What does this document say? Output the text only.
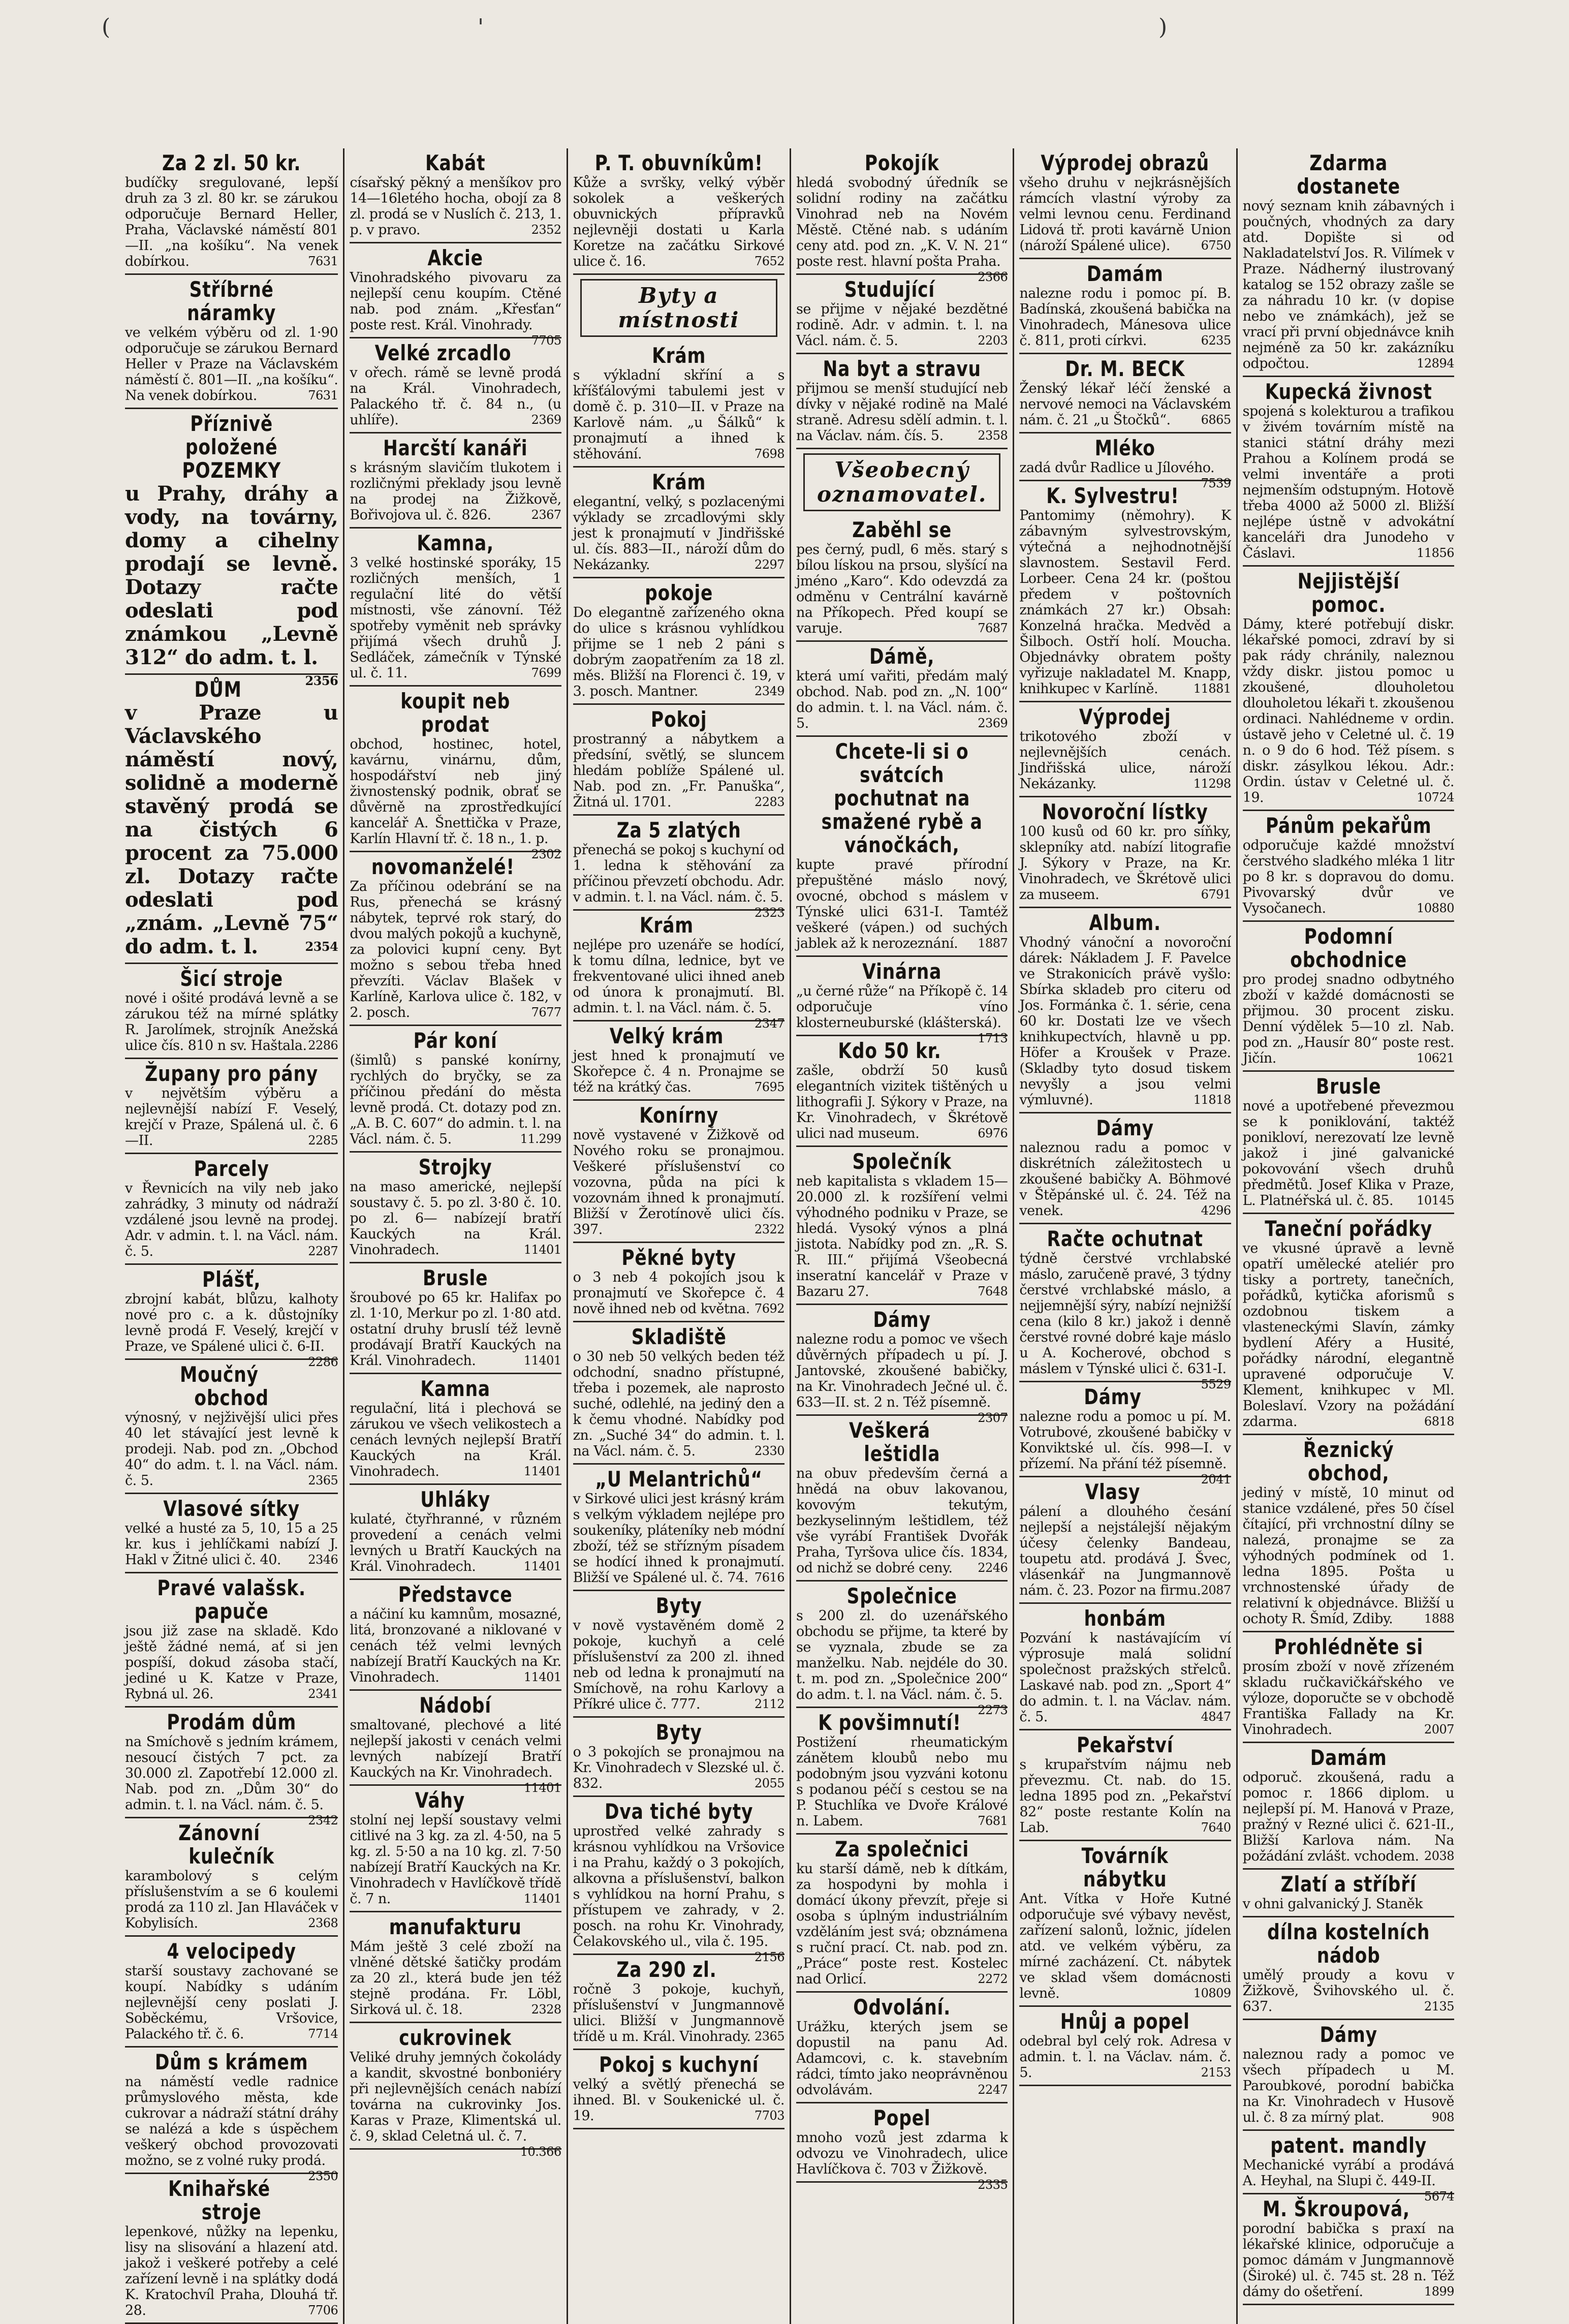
(	'	)
Za 2 zl. 50 kr.

budíčky sregulované, lepší druh za 3 zl. 80 kr. se zárukou odporučuje Bernard Heller, Praha, Václavské náměstí 801—II. „na košíku“. Na venek dobírkou.	7631

Stříbrné náramky

ve velkém výběru od zl. 1·90 odporučuje se zárukou Bernard Heller v Praze na Václavském náměstí č. 801—II. „na košíku“. Na venek dobírkou.	7631

Příznivě položené POZEMKY

u Prahy, dráhy a vody, na továrny, domy a cihelny prodají se levně. Dotazy račte odeslati pod známkou „Levně 312“ do adm. t. l.
2356

DŮM

v Praze u Václavského náměstí nový, solidně a moderně stavěný prodá se na čistých 6 procent za 75.000 zl. Dotazy račte odeslati pod „znám. „Levně 75“ do adm. t. l.	2354

Šicí stroje

nové i ošité prodává levně a se zárukou též na mírné splátky R. Jarolímek, strojník Anežská ulice čís. 810 n sv. Haštala. 2286

Župany pro pány

v největším výběru a nejlevnější nabízí F. Veselý, krejčí v Praze, Spálená ul. č. 6—II.	2285

Parcely

v Řevnicích na vily neb jako zahrádky, 3 minuty od nádraží vzdálené jsou levně na prodej. Adr. v admin. t. l. na Václ. nám. č. 5.	2287

Plášť,

zbrojní kabát, blůzu, kalhoty nové pro c. a k. důstojníky levně prodá F. Veselý, krejčí v Praze, ve Spálené ulici č. 6-II.
2286

Moučný obchod

výnosný, v nejživější ulici přes 40 let stávající jest levně k prodeji. Nab. pod zn. „Obchod 40“ do adm. t. l. na Václ. nám. č. 5.	2365

Vlasové sítky

velké a husté za 5, 10, 15 a 25 kr. kus i jehlíčkami nabízí J. Hakl v Žitné ulici č. 40. 2346

Pravé valašsk. papuče

jsou již zase na skladě. Kdo ještě žádné nemá, ať si jen pospíší, dokud zásoba stačí, jediné u K. Katze v Praze, Rybná ul. 26.	2341

Prodám dům

na Smíchově s jedním krámem, nesoucí čistých 7 pct. za 30.000 zl. Zapotřebí 12.000 zl. Nab. pod zn. „Dům 30“ do admin. t. l. na Václ. nám. č. 5.
2342

Zánovní kulečník

karambolový s celým příslušenstvím a se 6 koulemi prodá za 110 zl. Jan Hlaváček v Kobylisích.	2368

4 velocipedy

starší soustavy zachované se koupí. Nabídky s udáním nejlevnější ceny poslati J. Soběckému, Vršovice, Palackého tř. č. 6.	7714

Dům s krámem

na náměstí vedle radnice průmyslového města, kde cukrovar a nádraží státní dráhy se nalézá a kde s úspěchem veškerý obchod provozovati možno, se z volné ruky prodá.
2350

Knihařské stroje

lepenkové, nůžky na lepenku, lisy na slisování a hlazení atd. jakož i veškeré potřeby a celé zařízení levně i na splátky dodá K. Kratochvíl Praha, Dlouhá tř. 28.	7706

Kabát

císařský pěkný a menšíkov pro 14—16letého hocha, obojí za 8 zl. prodá se v Nuslích č. 213, 1. p. v pravo.	2352

Akcie

Vinohradského pivovaru za nejlepší cenu koupím. Ctěné nab. pod znám. „Křesťan“ poste rest. Král. Vinohrady.
7705

Velké zrcadlo

v ořech. rámě se levně prodá na Král. Vinohradech, Palackého tř. č. 84 n., (u uhlíře).	2369

Harcští kanáři

s krásným slavičím tlukotem i rozličnými překlady jsou levně na prodej na Žižkově, Bořivojova ul. č. 826.	2367

Kamna,

3 velké hostinské sporáky, 15 rozličných menších, 1 regulační lité do větší místnosti, vše zánovní. Též spotřeby vyměnit neb správky přijímá všech druhů J. Sedláček, zámečník v Týnské ul. č. 11.	7699

koupit neb prodat

obchod, hostinec, hotel, kavárnu, vinárnu, dům, hospodářství neb jiný živnostenský podnik, obrať se důvěrně na zprostředkující kancelář A. Šnettička v Praze, Karlín Hlavní tř. č. 18 n., 1. p.
2302

novomanželé!

Za příčinou odebrání se na Rus, přenechá se krásný nábytek, teprvé rok starý, do dvou malých pokojů a kuchyně, za polovici kupní ceny. Byt možno s sebou třeba hned převzíti. Václav Blašek v Karlíně, Karlova ulice č. 182, v 2. posch.	7677

Pár koní

(šimlů) s panské konírny, rychlých do bryčky, se za příčinou předání do města levně prodá. Ct. dotazy pod zn. „A. B. C. 607“ do admin. t. l. na Václ. nám. č. 5.	11.299

Strojky

na maso americké, nejlepší soustavy č. 5. po zl. 3·80 č. 10. po zl. 6— nabízejí bratří Kauckých na Král. Vinohradech.	11401

Brusle

šroubové po 65 kr. Halifax po zl. 1·10, Merkur po zl. 1·80 atd. ostatní druhy bruslí též levně prodávají Bratří Kauckých na Král. Vinohradech.	11401

Kamna

regulační, litá i plechová se zárukou ve všech velikostech a cenách levných nejlepší Bratří Kauckých na Král. Vinohradech.	11401

Uhláky

kulaté, čtyřhranné, v různém provedení a cenách velmi levných u Bratří Kauckých na Král. Vinohradech.	11401

Představce

a náčiní ku kamnům, mosazné, litá, bronzované a niklované v cenách též velmi levných nabízejí Bratří Kauckých na Kr. Vinohradech.	11401

Nádobí

smaltované, plechové a lité nejlepší jakosti v cenách velmi levných nabízejí Bratří Kauckých na Kr. Vinohradech.
11401

Váhy

stolní nej lepší soustavy velmi citlivé na 3 kg. za zl. 4·50, na 5 kg. zl. 5·50 a na 10 kg. zl. 7·50 nabízejí Bratří Kauckých na Kr. Vinohradech v Havlíčkově třídě č. 7 n.	11401

manufakturu

Mám ještě 3 celé zboží na vlněné dětské šatičky prodám za 20 zl., která bude jen též stejně prodána. Fr. Löbl, Sirková ul. č. 18.	2328

cukrovinek

Veliké druhy jemných čokolády a kandit, skvostné bonboniéry při nejlevnějších cenách nabízí továrna na cukrovinky Jos. Karas v Praze, Klimentská ul. č. 9, sklad Celetná ul. č. 7.
10.366

P. T. obuvníkům!

Kůže a svršky, velký výběr sokolek a veškerých obuvnických přípravků nejlevněji dostati u Karla Koretze na začátku Sirkové ulice č. 16.	7652

Byty a místnosti
Krám

s výkladní skříní a s kříšťálovými tabulemi jest v domě č. p. 310—II. v Praze na Karlově nám. „u Šálků“ k pronajmutí a ihned k stěhování.	7698

Krám

elegantní, velký, s pozlacenými výklady se zrcadlovými skly jest k pronajmutí v Jindřišské ul. čís. 883—II., nároží dům do Nekázanky.	2297

pokoje

Do elegantně zařízeného okna do ulice s krásnou vyhlídkou přijme se 1 neb 2 páni s dobrým zaopatřením za 18 zl. měs. Bližší na Florenci č. 19, v 3. posch. Mantner.	2349

Pokoj

prostranný a nábytkem a předsíní, světlý, se sluncem hledám poblíže Spálené ul. Nab. pod zn. „Fr. Panuška“, Žitná ul. 1701.	2283

Za 5 zlatých

přenechá se pokoj s kuchyní od 1. ledna k stěhování za příčinou převzetí obchodu. Adr. v admin. t. l. na Václ. nám. č. 5.
2323

Krám

nejlépe pro uzenáře se hodící, k tomu dílna, lednice, byt ve frekventované ulici ihned aneb od února k pronajmutí. Bl. admin. t. l. na Václ. nám. č. 5.
2347

Velký krám

jest hned k pronajmutí ve Skořepce č. 4 n. Pronajme se též na krátký čas.	7695

Konírny

nově vystavené v Žižkově od Nového roku se pronajmou. Veškeré příslušenství co vozovna, půda na píci k vozovnám ihned k pronajmutí. Bližší v Žerotínově ulici čís. 397.	2322

Pěkné byty

o 3 neb 4 pokojích jsou k pronajmutí ve Skořepce č. 4 nově ihned neb od května. 7692

Skladiště

o 30 neb 50 velkých beden též odchodní, snadno přístupné, třeba i pozemek, ale naprosto suché, odlehlé, na jediný den a k čemu vhodné. Nabídky pod zn. „Suché 34“ do admin. t. l. na Václ. nám. č. 5.	2330

„U Melantrichů“

v Sirkové ulici jest krásný krám s velkým výkladem nejlépe pro soukeníky, pláteníky neb módní zboží, též se střízným písadem se hodící ihned k pronajmutí. Bližší ve Spálené ul. č. 74. 7616

Byty

v nově vystavěném domě 2 pokoje, kuchyň a celé příslušenství za 200 zl. ihned neb od ledna k pronajmutí na Smíchově, na rohu Karlovy a Příkré ulice č. 777.	2112

Byty

o 3 pokojích se pronajmou na Kr. Vinohradech v Slezské ul. č. 832.	2055

Dva tiché byty

uprostřed velké zahrady s krásnou vyhlídkou na Vršovice i na Prahu, každý o 3 pokojích, alkovna a příslušenství, balkon s vyhlídkou na horní Prahu, s přístupem ve zahrady, v 2. posch. na rohu Kr. Vinohrady, Čelakovského ul., vila č. 195.
2156

Za 290 zl.

ročně 3 pokoje, kuchyň, příslušenství v Jungmannově ulici. Bližší v Jungmannově třídě u m. Král. Vinohrady. 2365

Pokoj s kuchyní

velký a světlý přenechá se ihned. Bl. v Soukenické ul. č. 19.	7703

Pokojík

hledá svobodný úředník se solidní rodiny na začátku Vinohrad neb na Novém Městě. Ctěné nab. s udáním ceny atd. pod zn. „K. V. N. 21“ poste rest. hlavní pošta Praha.
2366

Studující

se přijme v nějaké bezdětné rodině. Adr. v admin. t. l. na Václ. nám. č. 5.	2203

Na byt a stravu

přijmou se menší studující neb dívky v nějaké rodině na Malé straně. Adresu sdělí admin. t. l. na Václav. nám. čís. 5.	2358

Všeobecný oznamovatel.
Zaběhl se

pes černý, pudl, 6 měs. starý s bílou lískou na prsou, slyšící na jméno „Karo“. Kdo odevzdá za odměnu v Centrální kavárně na Příkopech. Před koupí se varuje.	7687

Dámě,

která umí vařiti, předám malý obchod. Nab. pod zn. „N. 100“ do admin. t. l. na Václ. nám. č. 5.	2369

Chcete-li si o svátcích pochutnat na smažené rybě a vánočkách,

kupte pravé přírodní přepuštěné máslo nový, ovocné, obchod s máslem v Týnské ulici 631-I. Tamtéž veškeré (vápen.) od suchých jablek až k nerozeznání. 1887

Vinárna

„u černé růže“ na Příkopě č. 14 odporučuje víno klosterneuburské (klášterská).
1713

Kdo 50 kr.

zašle, obdrží 50 kusů elegantních vizitek tištěných u lithografii J. Sýkory v Praze, na Kr. Vinohradech, v Škrétově ulici nad museum.	6976

Společník

neb kapitalista s vkladem 15—20.000 zl. k rozšíření velmi výhodného podniku v Praze, se hledá. Vysoký výnos a plná jistota. Nabídky pod zn. „R. S. R. III.“ přijímá Všeobecná inseratní kancelář v Praze v Bazaru 27.	7648

Dámy

nalezne rodu a pomoc ve všech důvěrných případech u pí. J. Jantovské, zkoušené babičky, na Kr. Vinohradech Ječné ul. č. 633—II. st. 2 n. Též písemně.
2307

Veškerá leštidla

na obuv především černá a hnědá na obuv lakovanou, kovovým tekutým, bezkyselinným leštidlem, též vše vyrábí František Dvořák Praha, Tyršova ulice čís. 1834, od nichž se dobré ceny. 2246

Společnice

s 200 zl. do uzenářského obchodu se přijme, ta které by se vyznala, zbude se za manželku. Nab. nejdéle do 30. t. m. pod zn. „Společnice 200“ do adm. t. l. na Václ. nám. č. 5.
2273

K povšimnutí!

Postižení rheumatickým zánětem kloubů nebo mu podobným jsou vyzváni kotonu s podanou péčí s cestou se na P. Stuchlíka ve Dvoře Králové n. Labem.	7681

Za společnici

ku starší dámě, neb k dítkám, za hospodyni by mohla i domácí úkony převzít, přeje si osoba s úplným industriálním vzděláním jest svá; obznámena s ruční prací. Ct. nab. pod zn. „Práce“ poste rest. Kostelec nad Orlicí.	2272

Odvolání.

Urážku, kterých jsem se dopustil na panu Ad. Adamcovi, c. k. stavebním rádci, tímto jako neoprávněnou odvolávám.	2247

Popel

mnoho vozů jest zdarma k odvozu ve Vinohradech, ulice Havlíčkova č. 703 v Žižkově.
2335

Výprodej obrazů

všeho druhu v nejkrásnějších rámcích vlastní výroby za velmi levnou cenu. Ferdinand Lidová tř. proti kavárně Union (nároží Spálené ulice).	6750

Damám

nalezne rodu i pomoc pí. B. Badínská, zkoušená babička na Vinohradech, Mánesova ulice č. 811, proti církvi.	6235

Dr. M. BECK

Ženský lékař léčí ženské a nervové nemoci na Václavském nám. č. 21 „u Štočků“. 6865

Mléko

zadá dvůr Radlice u Jílového.
7539

K. Sylvestru!

Pantomimy (němohry). K zábavným sylvestrovským, výtečná a nejhodnotnější slavnostem. Sestavil Ferd. Lorbeer. Cena 24 kr. (poštou předem v poštovních známkách 27 kr.) Obsah: Konzelná hračka. Medvěd a Šilboch. Ostří holí. Moucha. Objednávky obratem pošty vyřizuje nakladatel M. Knapp, knihkupec v Karlíně.	11881

Výprodej

trikotového zboží v nejlevnějších cenách. Jindřišská ulice, nároží Nekázanky.	11298

Novoroční lístky

100 kusů od 60 kr. pro síňky, sklepníky atd. nabízí litografie J. Sýkory v Praze, na Kr. Vinohradech, ve Škrétově ulici za museem.	6791

Album.

Vhodný vánoční a novoroční dárek: Nákladem J. F. Pavelce ve Strakonicích právě vyšlo: Sbírka skladeb pro citeru od Jos. Formánka č. 1. série, cena 60 kr. Dostati lze ve všech knihkupectvích, hlavně u pp. Höfer a Kroušek v Praze. (Skladby tyto dosud tiskem nevyšly a jsou velmi výmluvné).	11818

Dámy

naleznou radu a pomoc v diskrétních záležitostech u zkoušené babičky A. Böhmové v Štěpánské ul. č. 24. Též na venek.	4296

Račte ochutnat

týdně čerstvé vrchlabské máslo, zaručeně pravé, 3 týdny čerstvé vrchlabské máslo, a nejjemnější sýry, nabízí nejnižší cena (kilo 8 kr.) jakož i denně čerstvé rovné dobré kaje máslo u A. Kocherové, obchod s máslem v Týnské ulici č. 631-I.
5529

Dámy

nalezne rodu a pomoc u pí. M. Votrubové, zkoušené babičky v Konviktské ul. čís. 998—I. v přízemí. Na přání též písemně.
2041

Vlasy

pálení a dlouhého česání nejlepší a nejstálejší nějakým účesy čelenky Bandeau, toupetu atd. prodává J. Švec, vlásenkář na Jungmannově nám. č. 23. Pozor na firmu. 2087

honbám

Pozvání k nastávajícím ví výprosuje malá solidní společnost pražských střelců. Laskavé nab. pod zn. „Sport 4“ do admin. t. l. na Václav. nám. č. 5.	4847

Pekařství

s krupařstvím nájmu neb převezmu. Ct. nab. do 15. ledna 1895 pod zn. „Pekařství 82“ poste restante Kolín na Lab.	7640

Továrník nábytku

Ant. Vítka v Hoře Kutné odporučuje své výbavy nevěst, zařízení salonů, ložnic, jídelen atd. ve velkém výběru, za mírné zacházení. Ct. nábytek ve sklad všem domácnosti levně.	10809

Hnůj a popel

odebral byl celý rok. Adresa v admin. t. l. na Václav. nám. č. 5.	2153

Zdarma dostanete

nový seznam knih zábavných i poučných, vhodných za dary atd. Dopište si od Nakladatelství Jos. R. Vilímek v Praze. Nádherný ilustrovaný katalog se 152 obrazy zašle se za náhradu 10 kr. (v dopise nebo ve známkách), jež se vrací při první objednávce knih nejméně za 50 kr. zakázníku odpočtou.	12894

Kupecká živnost

spojená s kolekturou a trafikou v živém továrním místě na stanici státní dráhy mezi Prahou a Kolínem prodá se velmi inventáře a proti nejmenším odstupným. Hotově třeba 4000 až 5000 zl. Bližší nejlépe ústně v advokátní kanceláři dra Junodeho v Čáslavi.	11856

Nejjistější pomoc.

Dámy, které potřebují diskr. lékařské pomoci, zdraví by si pak rády chránily, naleznou vždy diskr. jistou pomoc u zkoušené, dlouholetou dlouholetou lékaři t. zkoušenou ordinaci. Nahlédneme v ordin. ústavě jeho v Celetné ul. č. 19 n. o 9 do 6 hod. Též písem. s diskr. zásylkou lékou. Adr.: Ordin. ústav v Celetné ul. č. 19.	10724

Pánům pekařům

odporučuje každé množství čerstvého sladkého mléka 1 litr po 8 kr. s dopravou do domu. Pivovarský dvůr ve Vysočanech.	10880

Podomní obchodnice

pro prodej snadno odbytného zboží v každé domácnosti se přijmou. 30 procent zisku. Denní výdělek 5—10 zl. Nab. pod zn. „Hausír 80“ poste rest. Jičín.	10621

Brusle

nové a upotřebené převezmou se k poniklování, taktéž ponikloví, nerezovatí lze levně jakož i jiné galvanické pokovování všech druhů předmětů. Josef Klika v Praze, L. Platnéřská ul. č. 85. 10145

Taneční pořádky

ve vkusné úpravě a levně opatří umělecké ateliér pro tisky a portrety, tanečních, pořádků, kytička aforismů s ozdobnou tiskem a vlasteneckými Slavín, zámky bydlení Aféry a Husité, pořádky národní, elegantně upravené odporučuje V. Klement, knihkupec v Ml. Boleslaví. Vzory na požádání zdarma.	6818

Řeznický obchod,

jediný v místě, 10 minut od stanice vzdálené, přes 50 čísel čítající, při vrchnostní dílny se nalezá, pronajme se za výhodných podmínek od 1. ledna 1895. Pošta u vrchnostenské úřady de relativní k objednávce. Bližší u ochoty R. Šmíd, Zdiby.	1888

Prohlédněte si

prosím zboží v nově zřízeném skladu ručkavičkářského ve výloze, doporučte se v obchodě Františka Fallady na Kr. Vinohradech.	2007

Damám

odporuč. zkoušená, radu a pomoc r. 1866 diplom. u nejlepší pí. M. Hanová v Praze, pražný v Rezné ulici č. 621-II., Bližší Karlova nám. Na požádání zvlášt. vchodem. 2038

Zlatí a stříbří

v ohni galvanický J. Staněk

dílna kostelních nádob

umělý proudy a kovu v Žižkově, Švihovského ul. č. 637.	2135

Dámy

naleznou rady a pomoc ve všech případech u M. Paroubkové, porodní babička na Kr. Vinohradech v Husově ul. č. 8 za mírný plat.	908

patent. mandly

Mechanické vyrábí a prodává A. Heyhal, na Slupi č. 449-II.
5674

M. Škroupová,

porodní babička s praxí na lékařské klinice, odporučuje a pomoc dámám v Jungmannově (Široké) ul. č. 745 st. 28 n. Též dámy do ošetření.	1899
